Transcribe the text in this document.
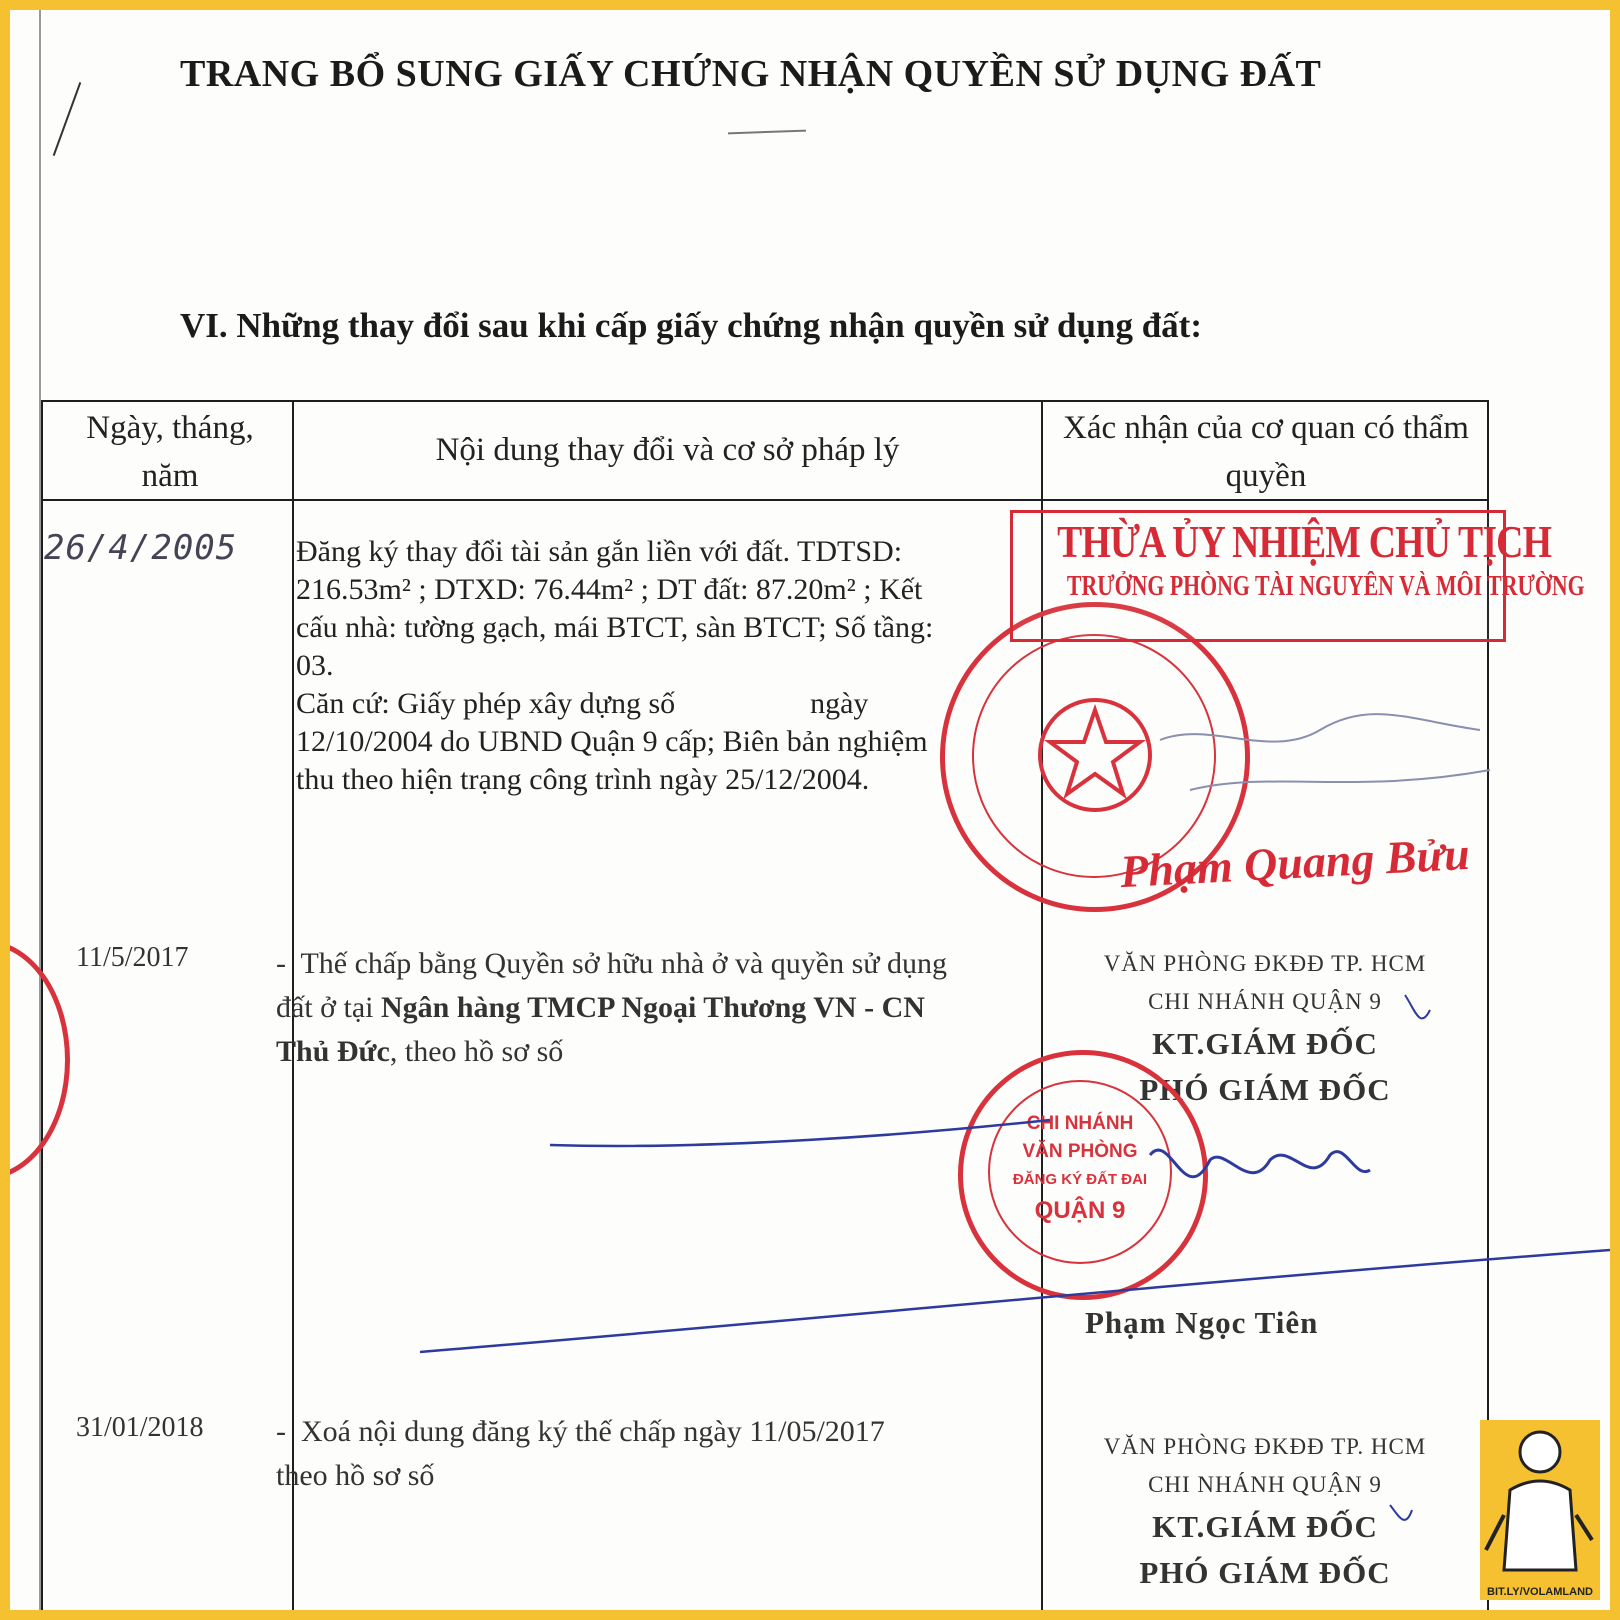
TRANG BỔ SUNG GIẤY CHỨNG NHẬN QUYỀN SỬ DỤNG ĐẤT
VI. Những thay đổi sau khi cấp giấy chứng nhận quyền sử dụng đất:
Ngày, tháng, năm
Nội dung thay đổi và cơ sở pháp lý
Xác nhận của cơ quan có thẩm quyền
26/4/2005 Đăng ký thay đổi tài sản gắn liền với đất. TDTSD:

216.53m² ; DTXD: 76.44m² ; DT đất: 87.20m² ; Kết

cấu nhà: tường gạch, mái BTCT, sàn BTCT; Số tầng:

03.

Căn cứ: Giấy phép xây dựng số                  ngày

12/10/2004 do UBND Quận 9 cấp; Biên bản nghiệm

thu theo hiện trạng công trình ngày 25/12/2004.

THỪA ỦY NHIỆM CHỦ TỊCH
TRƯỞNG PHÒNG TÀI NGUYÊN VÀ MÔI TRƯỜNG
Phạm Quang Bửu
11/5/2017	-  Thế chấp bằng Quyền sở hữu nhà ở và quyền sử dụng
đất ở tại Ngân hàng TMCP Ngoại Thương VN - CN
Thủ Đức, theo hồ sơ số
VĂN PHÒNG ĐKĐĐ TP. HCM
CHI NHÁNH QUẬN 9
KT.GIÁM ĐỐC
PHÓ GIÁM ĐỐC
CHI NHÁNH
VĂN PHÒNG
ĐĂNG KÝ ĐẤT ĐAI
QUẬN 9
Phạm Ngọc Tiên
31/01/2018 -  Xoá nội dung đăng ký thế chấp ngày 11/05/2017
theo hồ sơ số
VĂN PHÒNG ĐKĐĐ TP. HCM
CHI NHÁNH QUẬN 9
KT.GIÁM ĐỐC
PHÓ GIÁM ĐỐC
BIT.LY/VOLAMLAND
